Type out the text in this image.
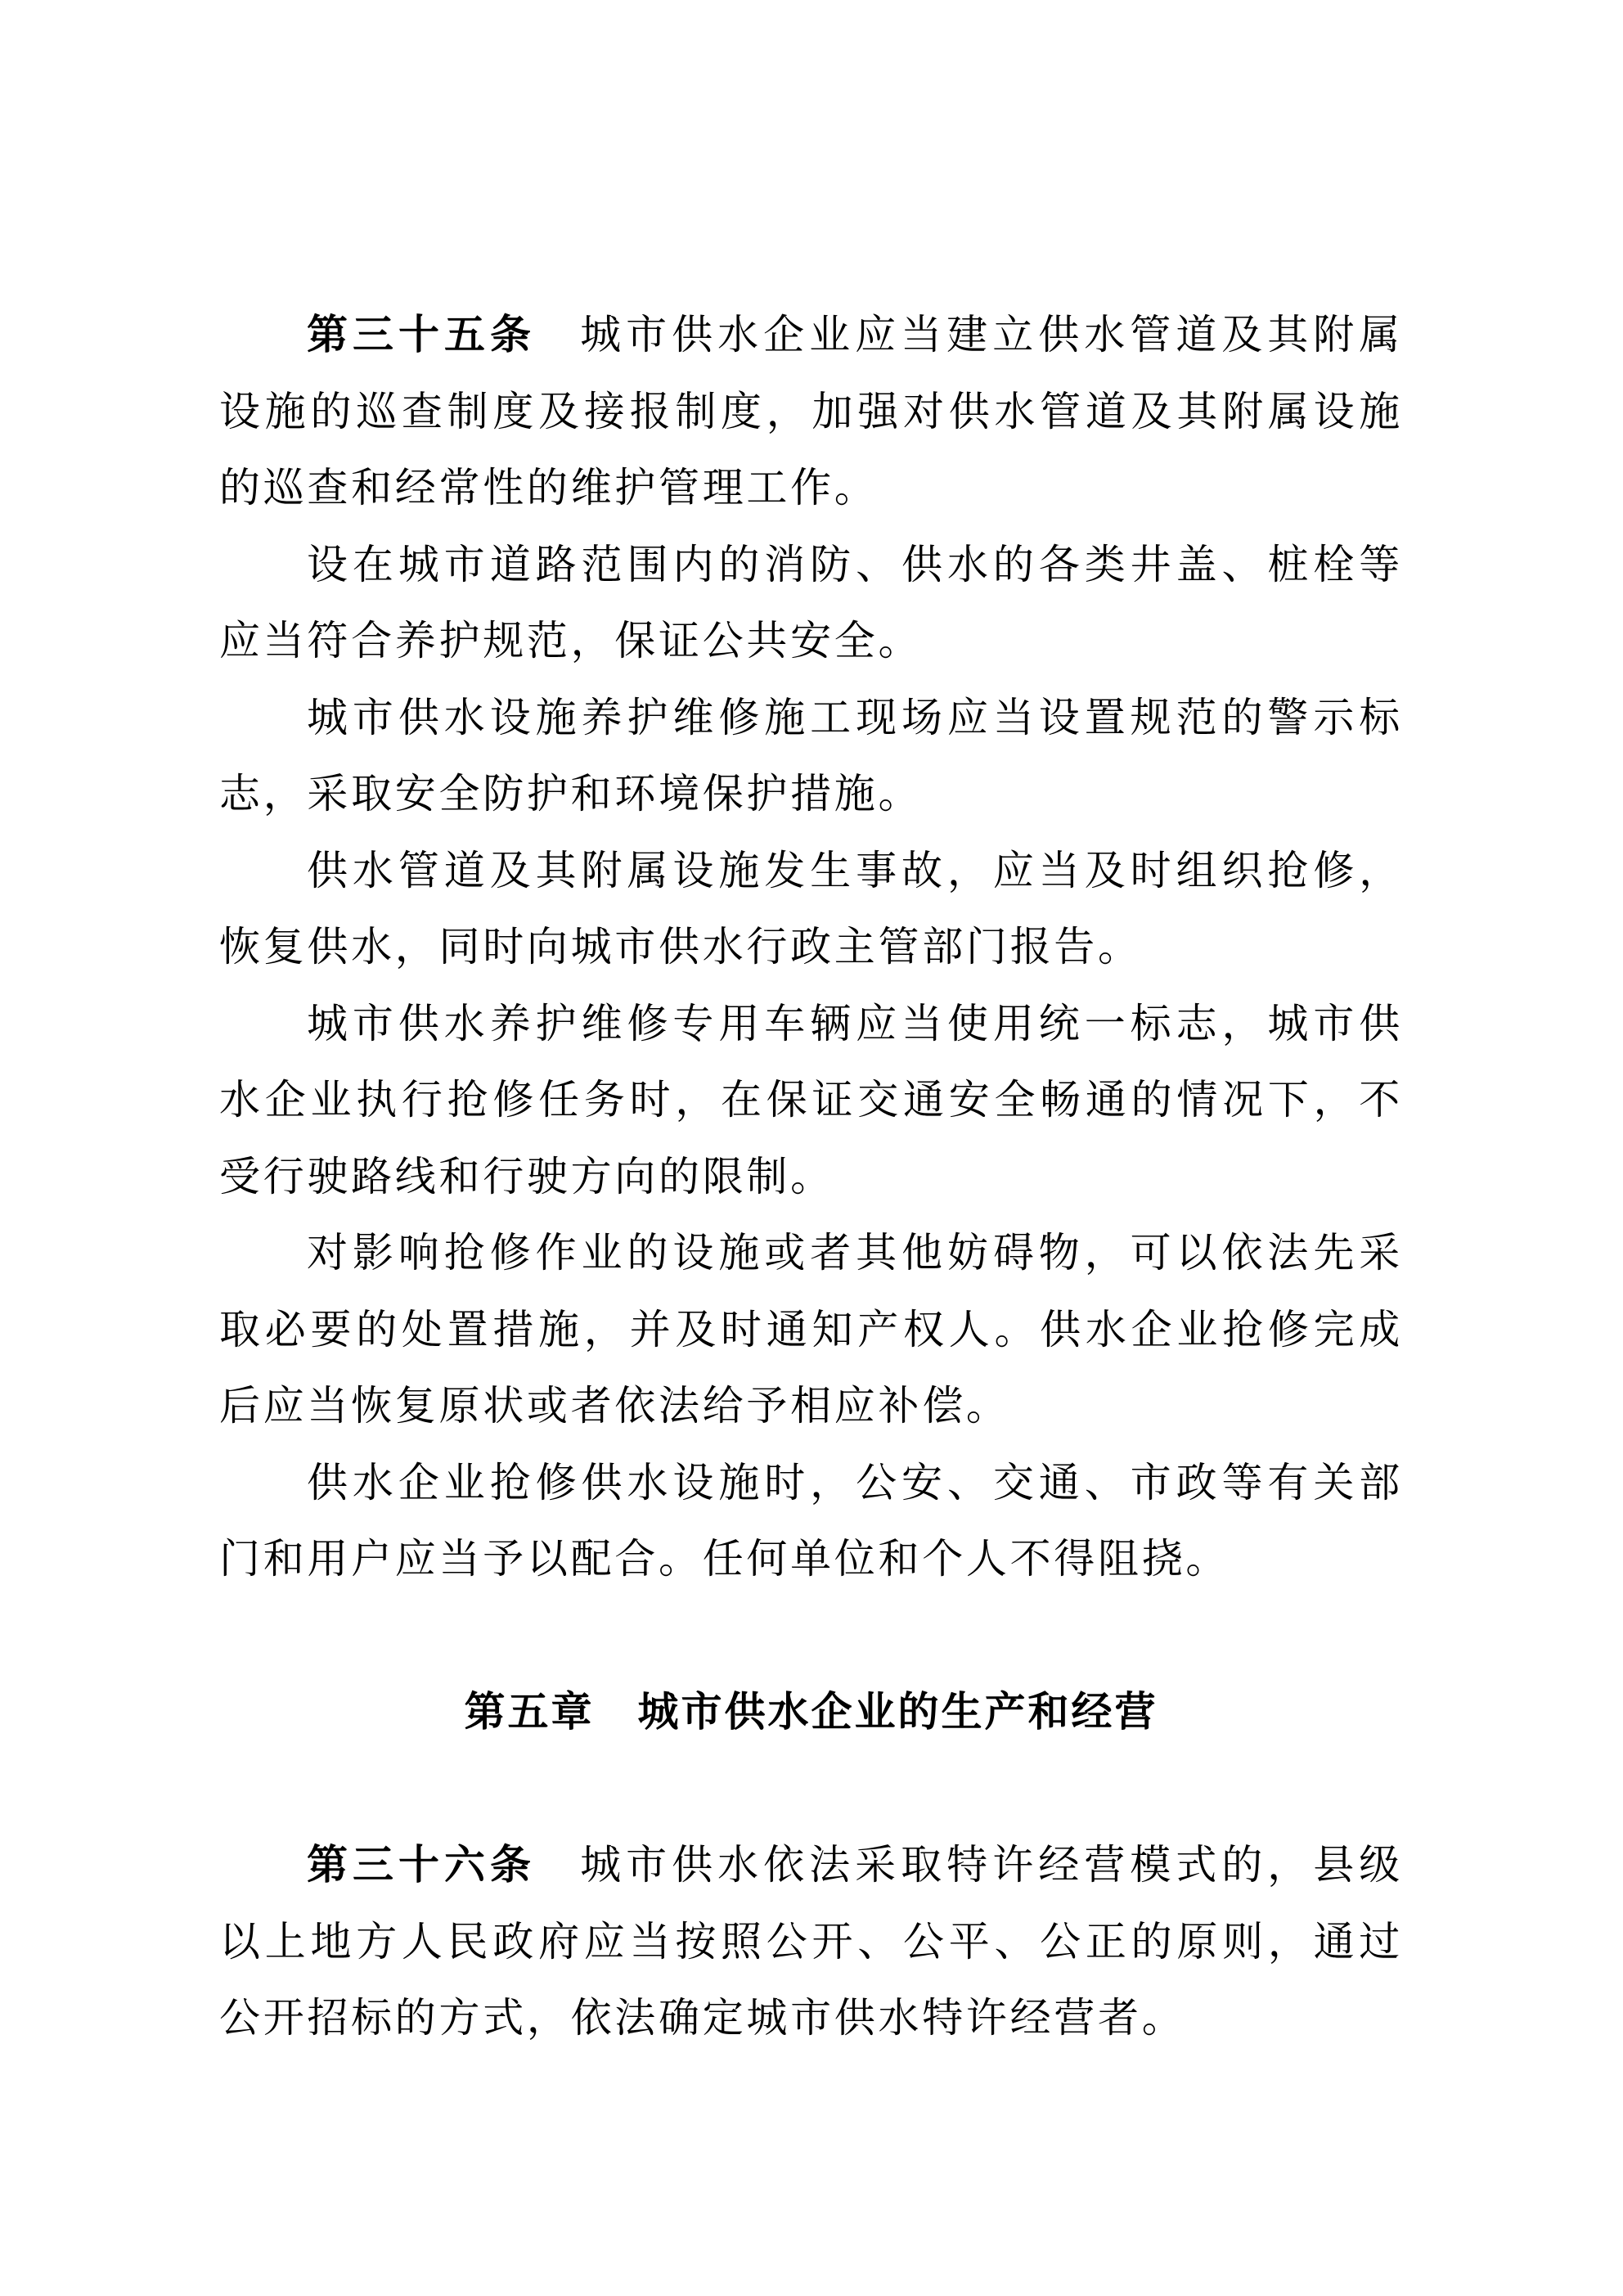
第三十五条 城市供水企业应当建立供水管道及其附属设施的巡查制度及接报制度，加强对供水管道及其附属设施的巡查和经常性的维护管理工作。

设在城市道路范围内的消防、供水的各类井盖、桩栓等应当符合养护规范，保证公共安全。

城市供水设施养护维修施工现场应当设置规范的警示标志，采取安全防护和环境保护措施。

供水管道及其附属设施发生事故，应当及时组织抢修，恢复供水，同时向城市供水行政主管部门报告。

城市供水养护维修专用车辆应当使用统一标志，城市供水企业执行抢修任务时，在保证交通安全畅通的情况下，不受行驶路线和行驶方向的限制。

对影响抢修作业的设施或者其他妨碍物，可以依法先采取必要的处置措施，并及时通知产权人。供水企业抢修完成后应当恢复原状或者依法给予相应补偿。

供水企业抢修供水设施时，公安、交通、市政等有关部门和用户应当予以配合。任何单位和个人不得阻挠。

第五章　城市供水企业的生产和经营

第三十六条 城市供水依法采取特许经营模式的，县级以上地方人民政府应当按照公开、公平、公正的原则，通过公开招标的方式，依法确定城市供水特许经营者。
